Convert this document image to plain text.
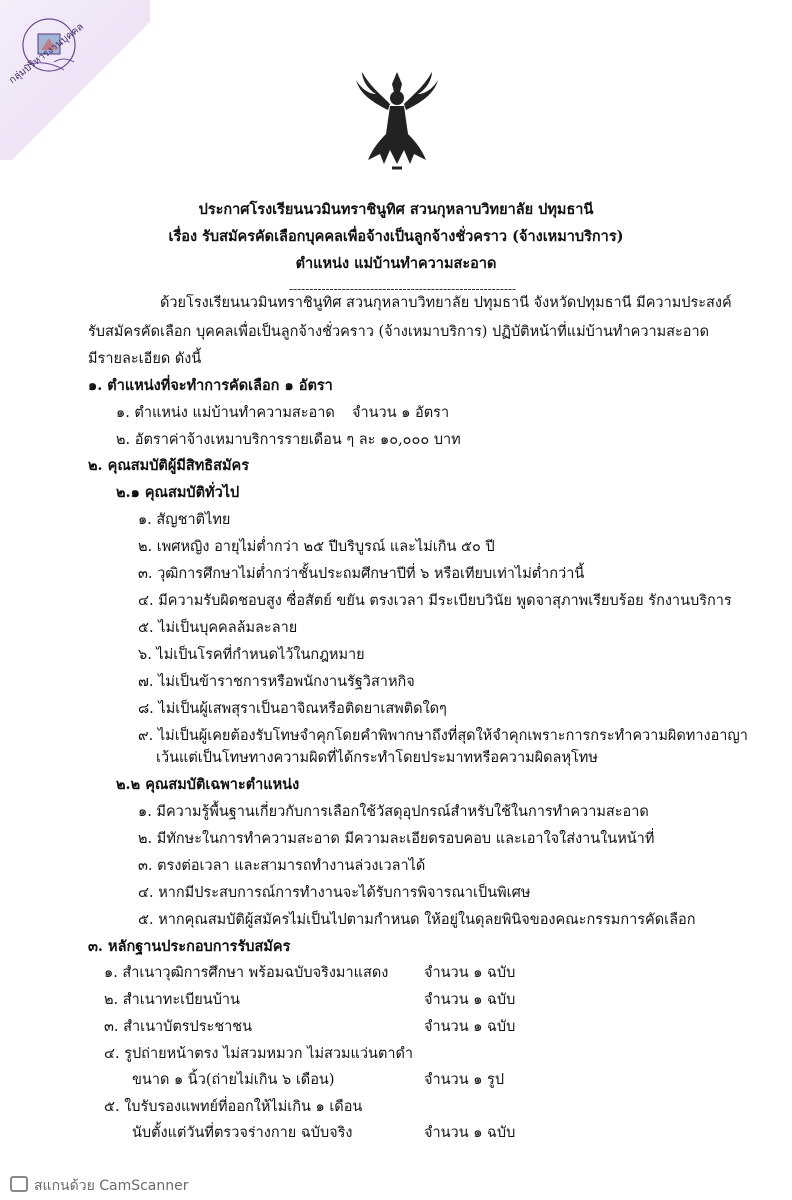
กลุ่มบริหารงานบุคคล
ประกาศโรงเรียนนวมินทราชินูทิศ สวนกุหลาบวิทยาลัย ปทุมธานี
เรื่อง รับสมัครคัดเลือกบุคคลเพื่อจ้างเป็นลูกจ้างชั่วคราว (จ้างเหมาบริการ)
ตำแหน่ง แม่บ้านทำความสะอาด
--------------------------------------------------------
ด้วยโรงเรียนนวมินทราชินูทิศ สวนกุหลาบวิทยาลัย ปทุมธานี จังหวัดปทุมธานี มีความประสงค์
รับสมัครคัดเลือก บุคคลเพื่อเป็นลูกจ้างชั่วคราว (จ้างเหมาบริการ) ปฏิบัติหน้าที่แม่บ้านทำความสะอาด
มีรายละเอียด ดังนี้
๑. ตำแหน่งที่จะทำการคัดเลือก ๑ อัตรา
๑. ตำแหน่ง แม่บ้านทำความสะอาด จำนวน ๑ อัตรา
๒. อัตราค่าจ้างเหมาบริการรายเดือน ๆ ละ ๑๐,๐๐๐ บาท
๒. คุณสมบัติผู้มีสิทธิสมัคร
๒.๑ คุณสมบัติทั่วไป
๑. สัญชาติไทย
๒. เพศหญิง อายุไม่ต่ำกว่า ๒๕ ปีบริบูรณ์ และไม่เกิน ๕๐ ปี
๓. วุฒิการศึกษาไม่ต่ำกว่าชั้นประถมศึกษาปีที่ ๖ หรือเทียบเท่าไม่ต่ำกว่านี้
๔. มีความรับผิดชอบสูง ซื่อสัตย์ ขยัน ตรงเวลา มีระเบียบวินัย พูดจาสุภาพเรียบร้อย รักงานบริการ
๕. ไม่เป็นบุคคลล้มละลาย
๖. ไม่เป็นโรคที่กำหนดไว้ในกฎหมาย
๗. ไม่เป็นข้าราชการหรือพนักงานรัฐวิสาหกิจ
๘. ไม่เป็นผู้เสพสุราเป็นอาจิณหรือติดยาเสพติดใดๆ
๙. ไม่เป็นผู้เคยต้องรับโทษจำคุกโดยคำพิพากษาถึงที่สุดให้จำคุกเพราะการกระทำความผิดทางอาญา
เว้นแต่เป็นโทษทางความผิดที่ได้กระทำโดยประมาทหรือความผิดลหุโทษ
๒.๒ คุณสมบัติเฉพาะตำแหน่ง
๑. มีความรู้พื้นฐานเกี่ยวกับการเลือกใช้วัสดุอุปกรณ์สำหรับใช้ในการทำความสะอาด
๒. มีทักษะในการทำความสะอาด มีความละเอียดรอบคอบ และเอาใจใส่งานในหน้าที่
๓. ตรงต่อเวลา และสามารถทำงานล่วงเวลาได้
๔. หากมีประสบการณ์การทำงานจะได้รับการพิจารณาเป็นพิเศษ
๕. หากคุณสมบัติผู้สมัครไม่เป็นไปตามกำหนด ให้อยู่ในดุลยพินิจของคณะกรรมการคัดเลือก
๓. หลักฐานประกอบการรับสมัคร
๑. สำเนาวุฒิการศึกษา พร้อมฉบับจริงมาแสดง จำนวน ๑ ฉบับ
๒. สำเนาทะเบียนบ้าน	จำนวน ๑ ฉบับ
๓. สำเนาบัตรประชาชน	จำนวน ๑ ฉบับ
๔. รูปถ่ายหน้าตรง ไม่สวมหมวก ไม่สวมแว่นตาดำ
ขนาด ๑ นิ้ว(ถ่ายไม่เกิน ๖ เดือน)	จำนวน ๑ รูป
๕. ใบรับรองแพทย์ที่ออกให้ไม่เกิน ๑ เดือน
นับตั้งแต่วันที่ตรวจร่างกาย ฉบับจริง	จำนวน ๑ ฉบับ
สแกนด้วย CamScanner
